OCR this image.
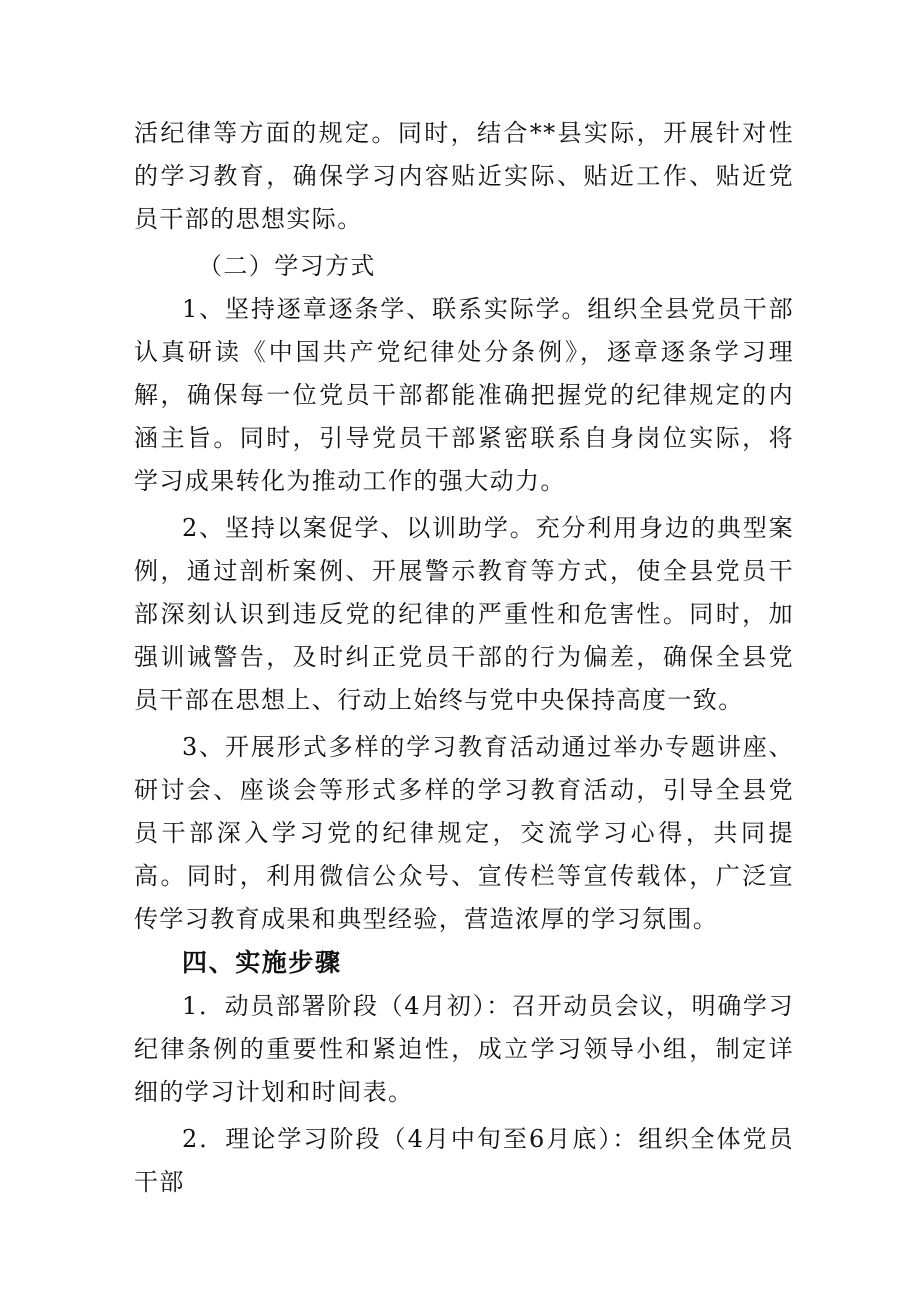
活纪律等方面的规定。同时，结合**县实际，开展针对性的学习教育，确保学习内容贴近实际、贴近工作、贴近党员干部的思想实际。

（二）学习方式

1、坚持逐章逐条学、联系实际学。组织全县党员干部认真研读《中国共产党纪律处分条例》，逐章逐条学习理解，确保每一位党员干部都能准确把握党的纪律规定的内涵主旨。同时，引导党员干部紧密联系自身岗位实际，将学习成果转化为推动工作的强大动力。

2、坚持以案促学、以训助学。充分利用身边的典型案例，通过剖析案例、开展警示教育等方式，使全县党员干部深刻认识到违反党的纪律的严重性和危害性。同时，加强训诫警告，及时纠正党员干部的行为偏差，确保全县党员干部在思想上、行动上始终与党中央保持高度一致。

3、开展形式多样的学习教育活动通过举办专题讲座、研讨会、座谈会等形式多样的学习教育活动，引导全县党员干部深入学习党的纪律规定，交流学习心得，共同提高。同时，利用微信公众号、宣传栏等宣传载体，广泛宣传学习教育成果和典型经验，营造浓厚的学习氛围。

四、实施步骤

1．动员部署阶段（4月初）：召开动员会议，明确学习纪律条例的重要性和紧迫性，成立学习领导小组，制定详细的学习计划和时间表。

2．理论学习阶段（4月中旬至6月底）：组织全体党员干部
